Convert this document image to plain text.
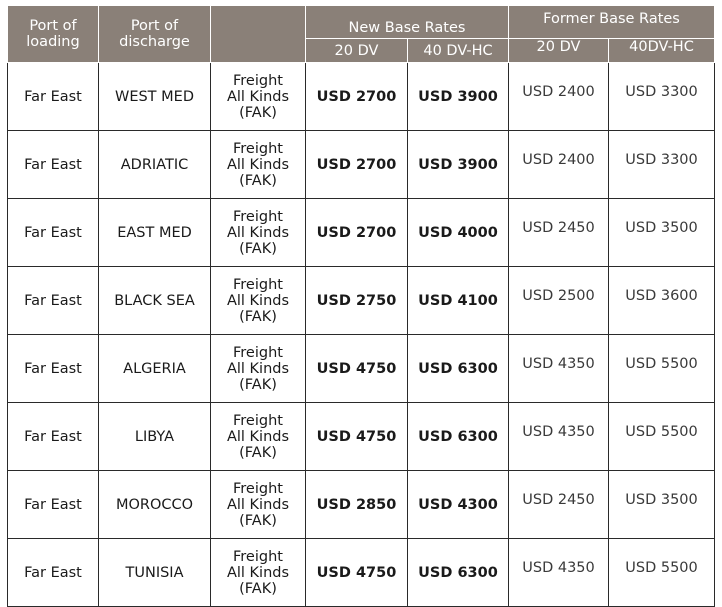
Port of loading	Port of discharge		New Base Rates		Former Base Rates	
			20 DV	40 DV-HC	20 DV	40DV-HC
Far East	WEST MED	Freight
All Kinds
(FAK)	USD 2700	USD 3900	USD 2400	USD 3300
Far East	ADRIATIC	Freight
All Kinds
(FAK)	USD 2700	USD 3900	USD 2400	USD 3300
Far East	EAST MED	Freight
All Kinds
(FAK)	USD 2700	USD 4000	USD 2450	USD 3500
Far East	BLACK SEA	Freight
All Kinds
(FAK)	USD 2750	USD 4100	USD 2500	USD 3600
Far East	ALGERIA	Freight
All Kinds
(FAK)	USD 4750	USD 6300	USD 4350	USD 5500
Far East	LIBYA	Freight
All Kinds
(FAK)	USD 4750	USD 6300	USD 4350	USD 5500
Far East	MOROCCO	Freight
All Kinds
(FAK)	USD 2850	USD 4300	USD 2450	USD 3500
Far East	TUNISIA	Freight
All Kinds
(FAK)	USD 4750	USD 6300	USD 4350	USD 5500
